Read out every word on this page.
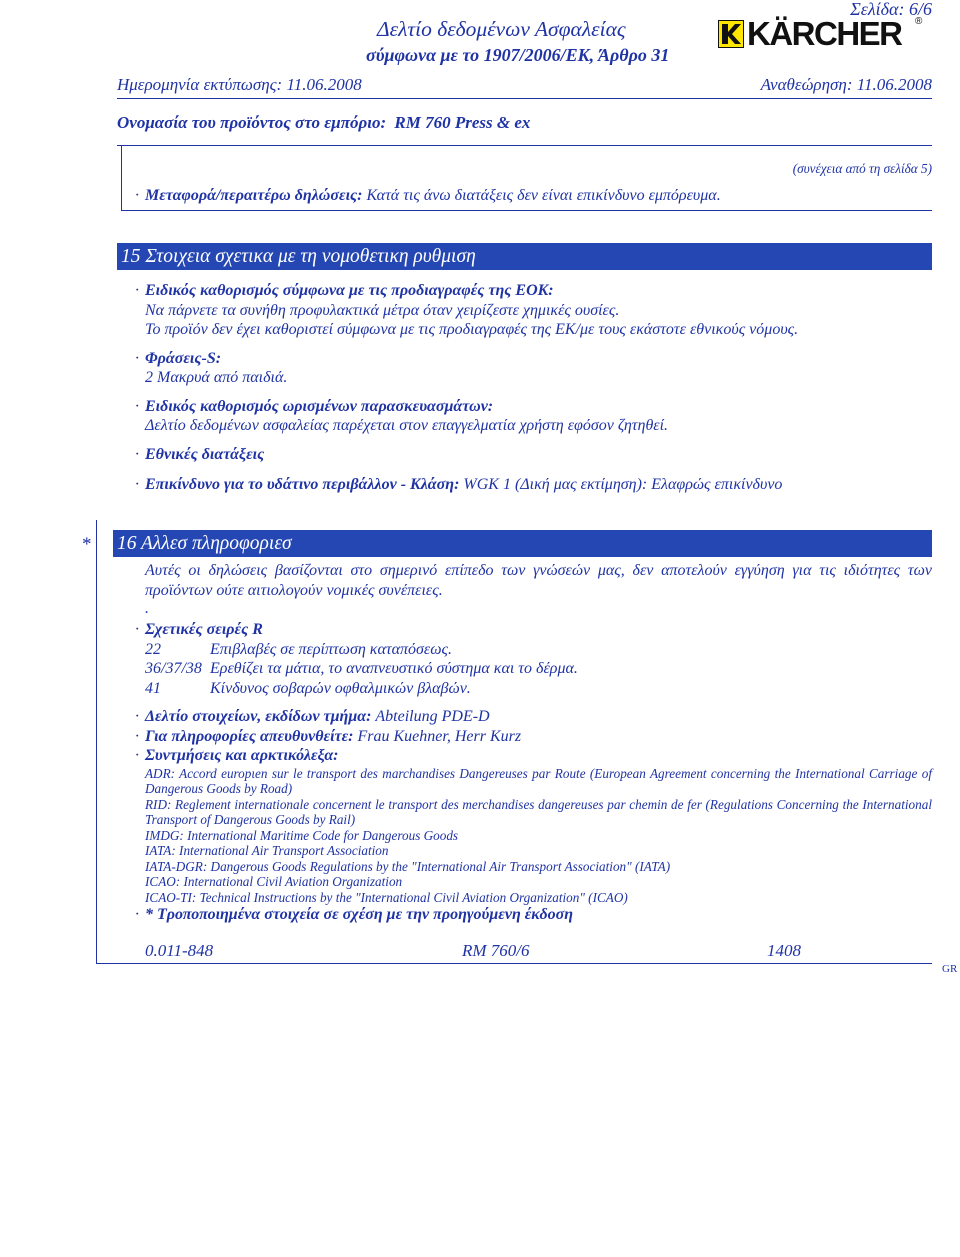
Σελίδα: 6/6
Δελτίο δεδομένων Ασφαλείας
σύμφωνα με το 1907/2006/ΕΚ, Άρθρο 31
KÄRCHER ®
Ημερομηνία εκτύπωσης: 11.06.2008	Αναθεώρηση: 11.06.2008
Ονομασία του προϊόντος στο εμπόριο: RM 760 Press & ex
(συνέχεια από τη σελίδα 5)
· Μεταφορά/περαιτέρω δηλώσεις: Κατά τις άνω διατάξεις δεν είναι επικίνδυνο εμπόρευμα.
15 Στοιχεια σχετικα με τη νομοθετικη ρυθμιση
· Ειδικός καθορισμός σύμφωνα με τις προδιαγραφές της ΕΟΚ:
Να πάρνετε τα συνήθη προφυλακτικά μέτρα όταν χειρίζεστε χημικές ουσίες.
Το προϊόν δεν έχει καθοριστεί σύμφωνα με τις προδιαγραφές της ΕΚ/με τους εκάστοτε εθνικούς νόμους.
· Φράσεις-S:
2 Μακρυά από παιδιά.
· Ειδικός καθορισμός ωρισμένων παρασκευασμάτων:
Δελτίο δεδομένων ασφαλείας παρέχεται στον επαγγελματία χρήστη εφόσον ζητηθεί.
· Εθνικές διατάξεις
· Επικίνδυνο για το υδάτινο περιβάλλον - Κλάση: WGK 1 (Δική μας εκτίμηση): Ελαφρώς επικίνδυνο
* 16 Αλλεσ πληροφοριεσ
Αυτές οι δηλώσεις βασίζονται στο σημερινό επίπεδο των γνώσεών μας, δεν αποτελούν εγγύηση για τις ιδιότητες των προϊόντων ούτε αιτιολογούν νομικές συνέπειες.
.
· Σχετικές σειρές R
22	Επιβλαβές σε περίπτωση καταπόσεως.
36/37/38 Ερεθίζει τα μάτια, το αναπνευστικό σύστημα και το δέρμα.
41	Κίνδυνος σοβαρών οφθαλμικών βλαβών.
· Δελτίο στοιχείων, εκδίδων τμήμα: Abteilung PDE-D
· Για πληροφορίες απευθυνθείτε: Frau Kuehner, Herr Kurz
· Συντμήσεις και αρκτικόλεξα:
ADR: Accord europιen sur le transport des marchandises Dangereuses par Route (European Agreement concerning the International Carriage of Dangerous Goods by Road)
RID: Reglement internationale concernent le transport des merchandises dangereuses par chemin de fer (Regulations Concerning the International Transport of Dangerous Goods by Rail)
IMDG: International Maritime Code for Dangerous Goods
IATA: International Air Transport Association
IATA-DGR: Dangerous Goods Regulations by the "International Air Transport Association" (IATA)
ICAO: International Civil Aviation Organization
ICAO-TI: Technical Instructions by the "International Civil Aviation Organization" (ICAO)
· * Τροποποιημένα στοιχεία σε σχέση με την προηγούμενη έκδοση
0.011-848	RM 760/6	1408
GR
